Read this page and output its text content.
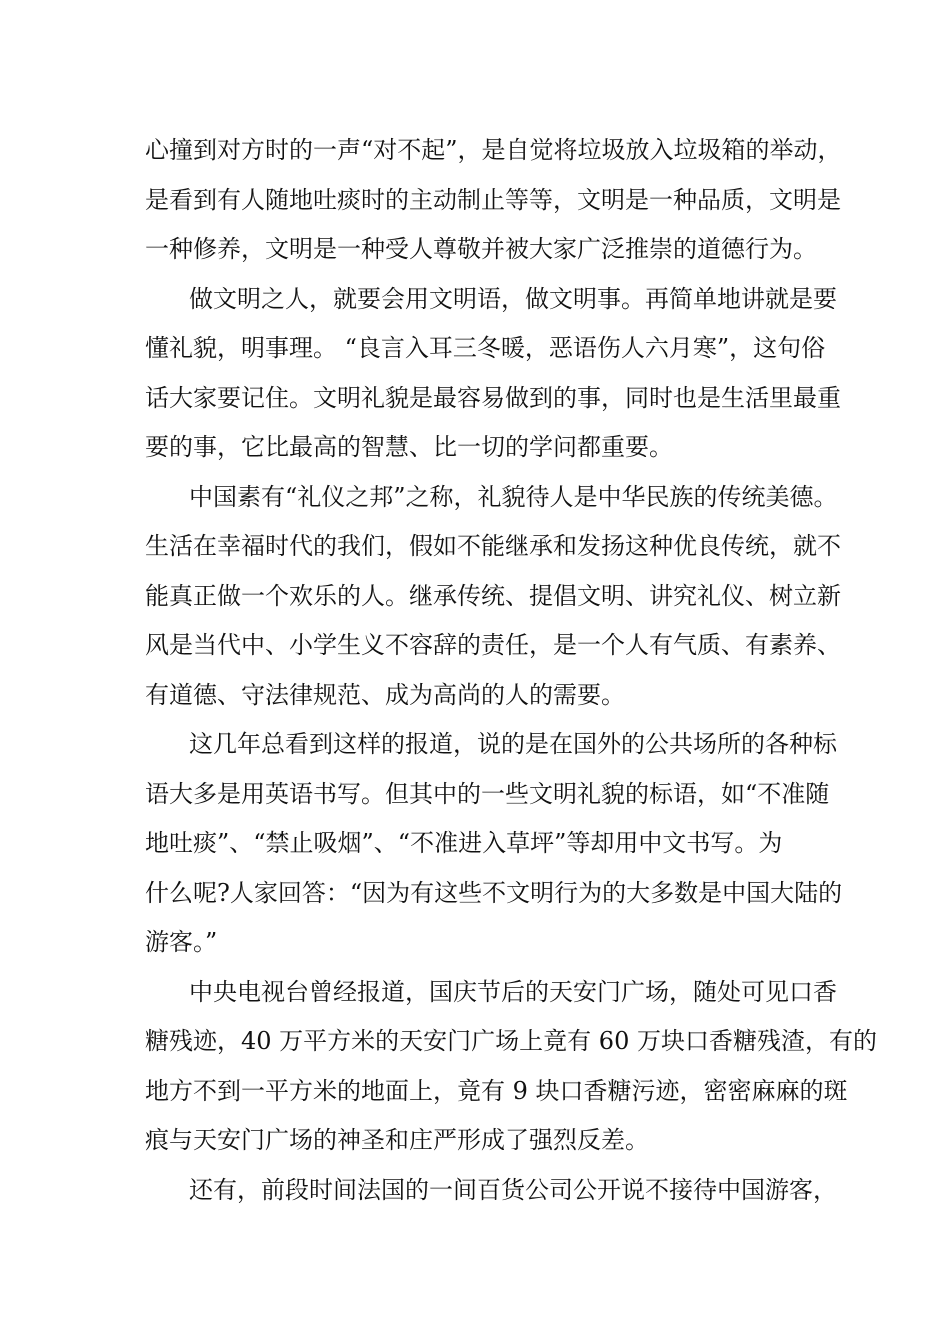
心撞到对方时的一声“对不起”，是自觉将垃圾放入垃圾箱的举动，
是看到有人随地吐痰时的主动制止等等，文明是一种品质，文明是
一种修养，文明是一种受人尊敬并被大家广泛推崇的道德行为。
做文明之人，就要会用文明语，做文明事。再简单地讲就是要
懂礼貌，明事理。 “良言入耳三冬暖，恶语伤人六月寒”，这句俗
话大家要记住。文明礼貌是最容易做到的事，同时也是生活里最重
要的事，它比最高的智慧、比一切的学问都重要。
中国素有“礼仪之邦”之称，礼貌待人是中华民族的传统美德。
生活在幸福时代的我们，假如不能继承和发扬这种优良传统，就不
能真正做一个欢乐的人。继承传统、提倡文明、讲究礼仪、树立新
风是当代中、小学生义不容辞的责任，是一个人有气质、有素养、
有道德、守法律规范、成为高尚的人的需要。
这几年总看到这样的报道，说的是在国外的公共场所的各种标
语大多是用英语书写。但其中的一些文明礼貌的标语，如“不准随
地吐痰”、“禁止吸烟”、“不准进入草坪”等却用中文书写。为
什么呢?人家回答：“因为有这些不文明行为的大多数是中国大陆的
游客。”
中央电视台曾经报道，国庆节后的天安门广场，随处可见口香
糖残迹，40 万平方米的天安门广场上竟有 60 万块口香糖残渣，有的
地方不到一平方米的地面上，竟有 9 块口香糖污迹，密密麻麻的斑
痕与天安门广场的神圣和庄严形成了强烈反差。
还有，前段时间法国的一间百货公司公开说不接待中国游客，
